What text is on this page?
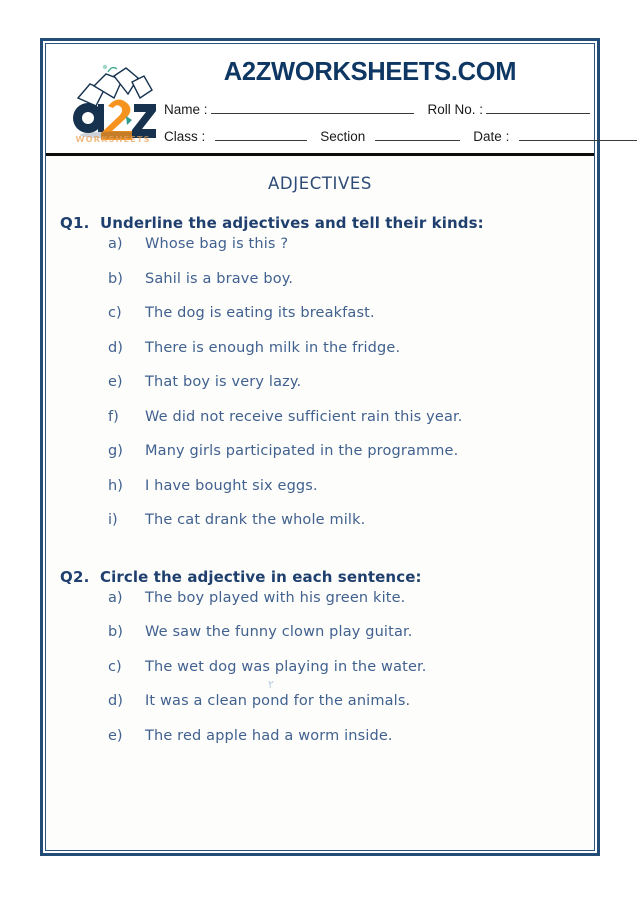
WORKSHEETS
A2ZWORKSHEETS.COM
Name :	Roll No. :
Class :	Section	Date :
ADJECTIVES
Q1. Underline the adjectives and tell their kinds:
a)	Whose bag is this ?
b)	Sahil is a brave boy.
c)	The dog is eating its breakfast.
d)	There is enough milk in the fridge.
e)	That boy is very lazy.
f)	We did not receive sufficient rain this year.
g)	Many girls participated in the programme.
h)	I have bought six eggs.
i)	The cat drank the whole milk.
Q2. Circle the adjective in each sentence:
a)	The boy played with his green kite.
b)	We saw the funny clown play guitar.
c)	The wet dog was playing in the water.
d)	It was a clean pond for the animals.
e)	The red apple had a worm inside.
٢
